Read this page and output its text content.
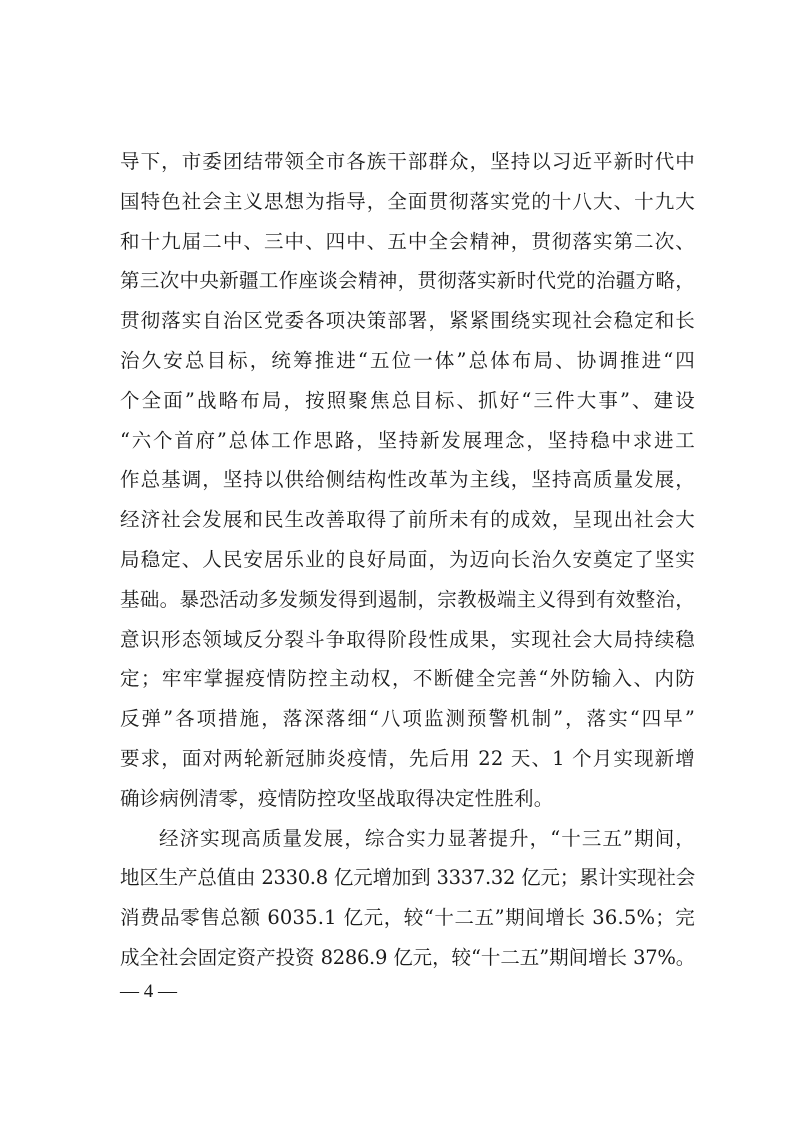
导下，市委团结带领全市各族干部群众，坚持以习近平新时代中
国特色社会主义思想为指导，全面贯彻落实党的十八大、十九大
和十九届二中、三中、四中、五中全会精神，贯彻落实第二次、
第三次中央新疆工作座谈会精神，贯彻落实新时代党的治疆方略，
贯彻落实自治区党委各项决策部署，紧紧围绕实现社会稳定和长
治久安总目标，统筹推进“五位一体”总体布局、协调推进“四
个全面”战略布局，按照聚焦总目标、抓好“三件大事”、建设
“六个首府”总体工作思路，坚持新发展理念，坚持稳中求进工
作总基调，坚持以供给侧结构性改革为主线，坚持高质量发展，
经济社会发展和民生改善取得了前所未有的成效，呈现出社会大
局稳定、人民安居乐业的良好局面，为迈向长治久安奠定了坚实
基础。暴恐活动多发频发得到遏制，宗教极端主义得到有效整治，
意识形态领域反分裂斗争取得阶段性成果，实现社会大局持续稳
定；牢牢掌握疫情防控主动权，不断健全完善“外防输入、内防
反弹”各项措施，落深落细“八项监测预警机制”，落实“四早”
要求，面对两轮新冠肺炎疫情，先后用 22 天、1 个月实现新增
确诊病例清零，疫情防控攻坚战取得决定性胜利。
经济实现高质量发展，综合实力显著提升，“十三五”期间，
地区生产总值由 2330.8 亿元增加到 3337.32 亿元；累计实现社会
消费品零售总额 6035.1 亿元，较“十二五”期间增长 36.5%；完
成全社会固定资产投资 8286.9 亿元，较“十二五”期间增长 37%。
— 4 —
